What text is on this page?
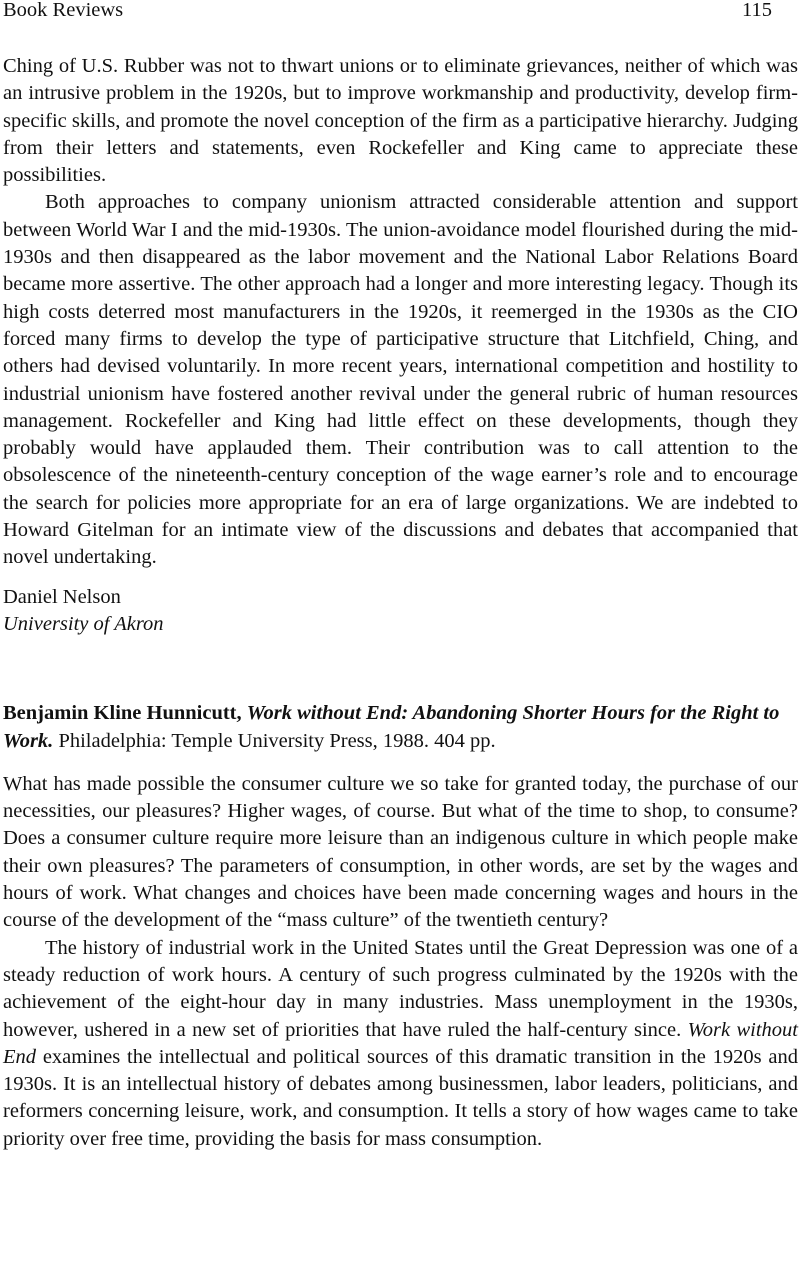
Book Reviews	115

Ching of U.S. Rubber was not to thwart unions or to eliminate grievances, neither of which was an intrusive problem in the 1920s, but to improve workmanship and productivity, develop firm-specific skills, and promote the novel conception of the firm as a participative hierarchy. Judging from their letters and statements, even Rockefeller and King came to appreciate these possibilities.

Both approaches to company unionism attracted considerable attention and support between World War I and the mid-1930s. The union-avoidance model flourished during the mid-1930s and then disappeared as the labor movement and the National Labor Relations Board became more assertive. The other approach had a longer and more interesting legacy. Though its high costs deterred most manufacturers in the 1920s, it reemerged in the 1930s as the CIO forced many firms to develop the type of participative structure that Litchfield, Ching, and others had devised voluntarily. In more recent years, international competition and hostility to industrial unionism have fostered another revival under the general rubric of human resources management. Rockefeller and King had little effect on these developments, though they probably would have applauded them. Their contribution was to call attention to the obsolescence of the nineteenth-century conception of the wage earner’s role and to encourage the search for policies more appropriate for an era of large organizations. We are indebted to Howard Gitelman for an intimate view of the discussions and debates that accompanied that novel undertaking.

Daniel Nelson
University of Akron

Benjamin Kline Hunnicutt, Work without End: Abandoning Shorter Hours for the Right to Work. Philadelphia: Temple University Press, 1988. 404 pp.

What has made possible the consumer culture we so take for granted today, the purchase of our necessities, our pleasures? Higher wages, of course. But what of the time to shop, to consume? Does a consumer culture require more leisure than an indigenous culture in which people make their own pleasures? The parameters of consumption, in other words, are set by the wages and hours of work. What changes and choices have been made concerning wages and hours in the course of the development of the “mass culture” of the twentieth century?

The history of industrial work in the United States until the Great Depression was one of a steady reduction of work hours. A century of such progress culminated by the 1920s with the achievement of the eight-hour day in many industries. Mass unemployment in the 1930s, however, ushered in a new set of priorities that have ruled the half-century since. Work without End examines the intellectual and political sources of this dramatic transition in the 1920s and 1930s. It is an intellectual history of debates among businessmen, labor leaders, politicians, and reformers concerning leisure, work, and consumption. It tells a story of how wages came to take priority over free time, providing the basis for mass consumption.
